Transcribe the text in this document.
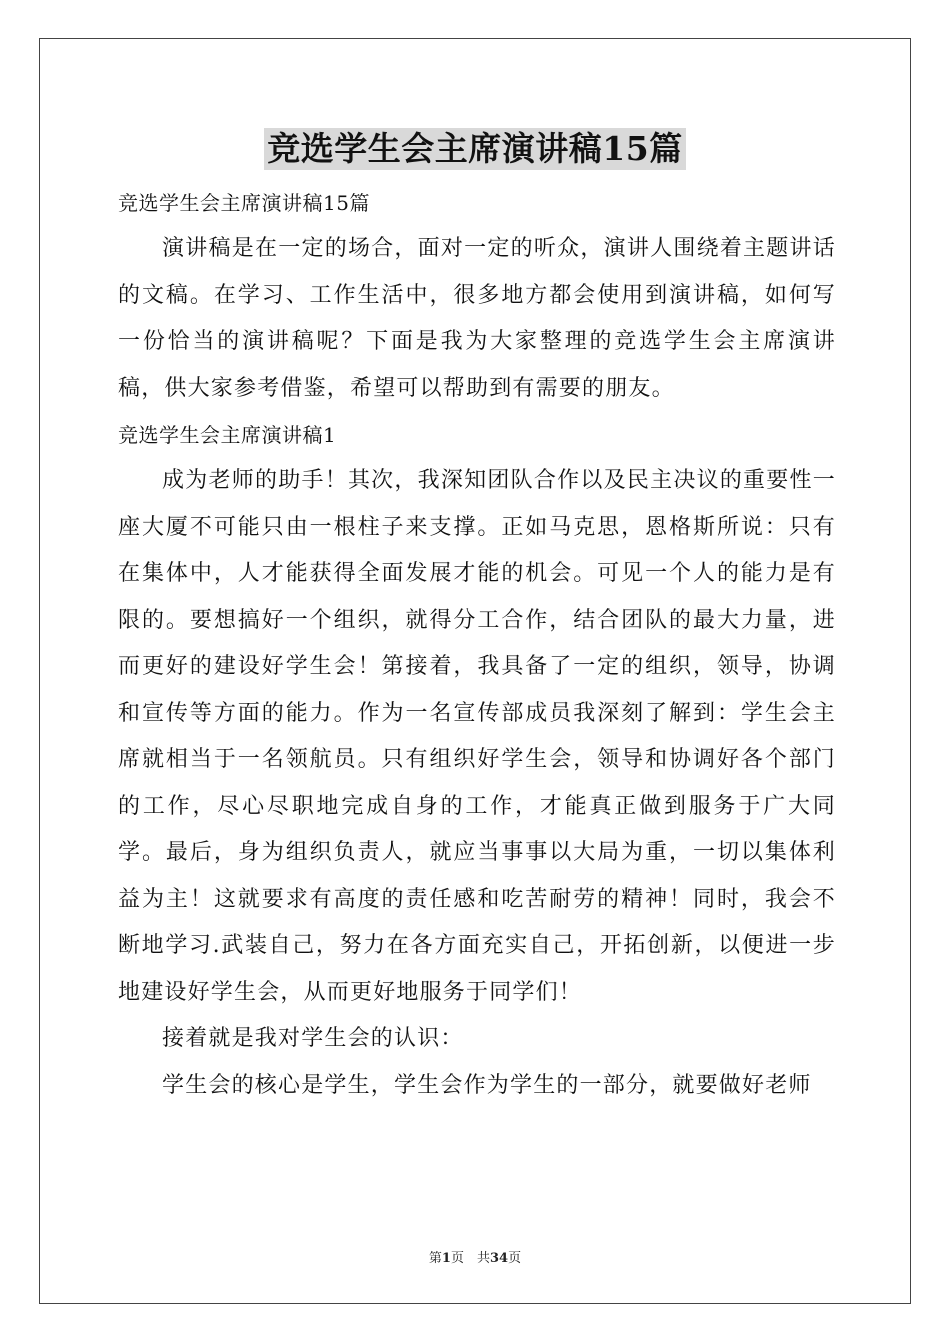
竞选学生会主席演讲稿15篇

竞选学生会主席演讲稿15篇

演讲稿是在一定的场合，面对一定的听众，演讲人围绕着主题讲话的文稿。在学习、工作生活中，很多地方都会使用到演讲稿，如何写一份恰当的演讲稿呢？下面是我为大家整理的竞选学生会主席演讲稿，供大家参考借鉴，希望可以帮助到有需要的朋友。

竞选学生会主席演讲稿1

成为老师的助手！其次，我深知团队合作以及民主决议的重要性一座大厦不可能只由一根柱子来支撑。正如马克思，恩格斯所说：只有在集体中，人才能获得全面发展才能的机会。可见一个人的能力是有限的。要想搞好一个组织，就得分工合作，结合团队的最大力量，进而更好的建设好学生会！第接着，我具备了一定的组织，领导，协调和宣传等方面的能力。作为一名宣传部成员我深刻了解到：学生会主席就相当于一名领航员。只有组织好学生会，领导和协调好各个部门的工作，尽心尽职地完成自身的工作，才能真正做到服务于广大同学。最后，身为组织负责人，就应当事事以大局为重，一切以集体利益为主！这就要求有高度的责任感和吃苦耐劳的精神！同时，我会不断地学习.武装自己，努力在各方面充实自己，开拓创新，以便进一步地建设好学生会，从而更好地服务于同学们！

接着就是我对学生会的认识：

学生会的核心是学生，学生会作为学生的一部分，就要做好老师

第1页　共34页
